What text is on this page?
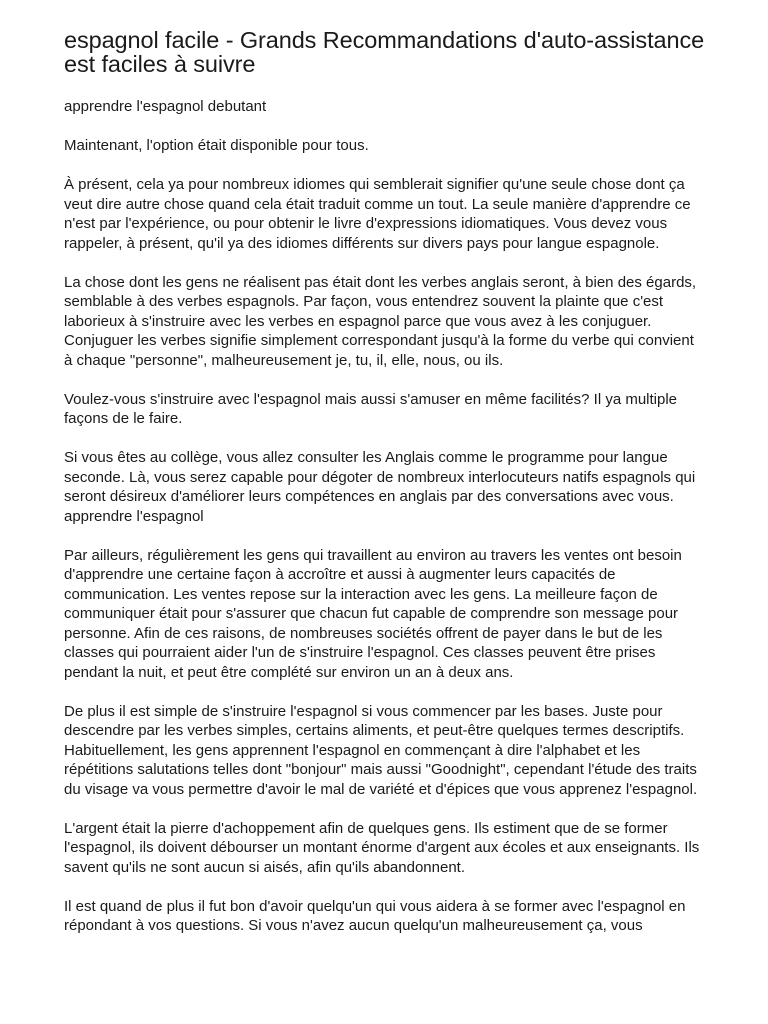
espagnol facile - Grands Recommandations d'auto-assistance est faciles à suivre

apprendre l'espagnol debutant

Maintenant, l'option était disponible pour tous.

À présent, cela ya pour nombreux idiomes qui semblerait signifier qu'une seule chose dont ça veut dire autre chose quand cela était traduit comme un tout. La seule manière d'apprendre ce n'est par l'expérience, ou pour obtenir le livre d'expressions idiomatiques. Vous devez vous rappeler, à présent, qu'il ya des idiomes différents sur divers pays pour langue espagnole.

La chose dont les gens ne réalisent pas était dont les verbes anglais seront, à bien des égards, semblable à des verbes espagnols. Par façon, vous entendrez souvent la plainte que c'est laborieux à s'instruire avec les verbes en espagnol parce que vous avez à les conjuguer. Conjuguer les verbes signifie simplement correspondant jusqu'à la forme du verbe qui convient à chaque "personne", malheureusement je, tu, il, elle, nous, ou ils.

Voulez-vous s'instruire avec l'espagnol mais aussi s'amuser en même facilités? Il ya multiple façons de le faire.

Si vous êtes au collège, vous allez consulter les Anglais comme le programme pour langue seconde. Là, vous serez capable pour dégoter de nombreux interlocuteurs natifs espagnols qui seront désireux d'améliorer leurs compétences en anglais par des conversations avec vous. apprendre l'espagnol

Par ailleurs, régulièrement les gens qui travaillent au environ au travers les ventes ont besoin d'apprendre une certaine façon à accroître et aussi à augmenter leurs capacités de communication. Les ventes repose sur la interaction avec les gens. La meilleure façon de communiquer était pour s'assurer que chacun fut capable de comprendre son message pour personne. Afin de ces raisons, de nombreuses sociétés offrent de payer dans le but de les classes qui pourraient aider l'un de s'instruire l'espagnol. Ces classes peuvent être prises pendant la nuit, et peut être complété sur environ un an à deux ans.

De plus il est simple de s'instruire l'espagnol si vous commencer par les bases. Juste pour descendre par les verbes simples, certains aliments, et peut-être quelques termes descriptifs. Habituellement, les gens apprennent l'espagnol en commençant à dire l'alphabet et les répétitions salutations telles dont "bonjour" mais aussi "Goodnight", cependant l'étude des traits du visage va vous permettre d'avoir le mal de variété et d'épices que vous apprenez l'espagnol.

L'argent était la pierre d'achoppement afin de quelques gens. Ils estiment que de se former l'espagnol, ils doivent débourser un montant énorme d'argent aux écoles et aux enseignants. Ils savent qu'ils ne sont aucun si aisés, afin qu'ils abandonnent.

Il est quand de plus il fut bon d'avoir quelqu'un qui vous aidera à se former avec l'espagnol en répondant à vos questions. Si vous n'avez aucun quelqu'un malheureusement ça, vous
